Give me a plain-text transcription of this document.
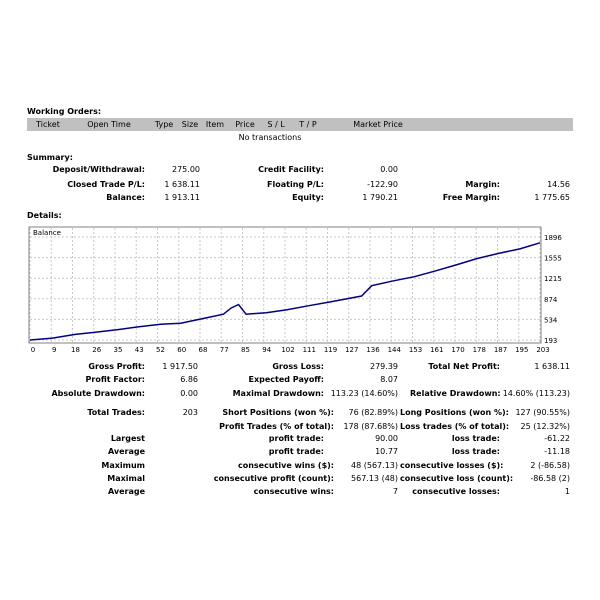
Working Orders:
Ticket	Open Time	Type	Size Item	Price	S / L	T / P	Market Price
No transactions
Summary:
Deposit/Withdrawal:	275.00	Credit Facility:	0.00
Closed Trade P/L:	1 638.11	Floating P/L:	-122.90	Margin:	14.56
Balance:	1 913.11	Equity:	1 790.21	Free Margin:	1 775.65
Details:
0 9 18 26 35 43 52 60 68 77 85 94 102 111 119 127 136 144 153 161 170 178 187 195 203
193
534
874
1215
1555
1896
Balance
Gross Profit:	1 917.50	Gross Loss:	279.39	Total Net Profit:	1 638.11
Profit Factor:	6.86	Expected Payoff:	8.07
Absolute Drawdown:	0.00	Maximal Drawdown: 113.23 (14.60%) Relative Drawdown: 14.60% (113.23)
Total Trades:	203	Short Positions (won %):	76 (82.89%) Long Positions (won %): 127 (90.55%)
Profit Trades (% of total):	178 (87.68%) Loss trades (% of total):	25 (12.32%)
Largest	profit trade:	90.00	loss trade:	-61.22
Average	profit trade:	10.77	loss trade:	-11.18
Maximum	consecutive wins ($):	48 (567.13) consecutive losses ($):	2 (-86.58)
Maximal	consecutive profit (count):	567.13 (48) consecutive loss (count):	-86.58 (2)
Average	consecutive wins:	7	consecutive losses:	1
